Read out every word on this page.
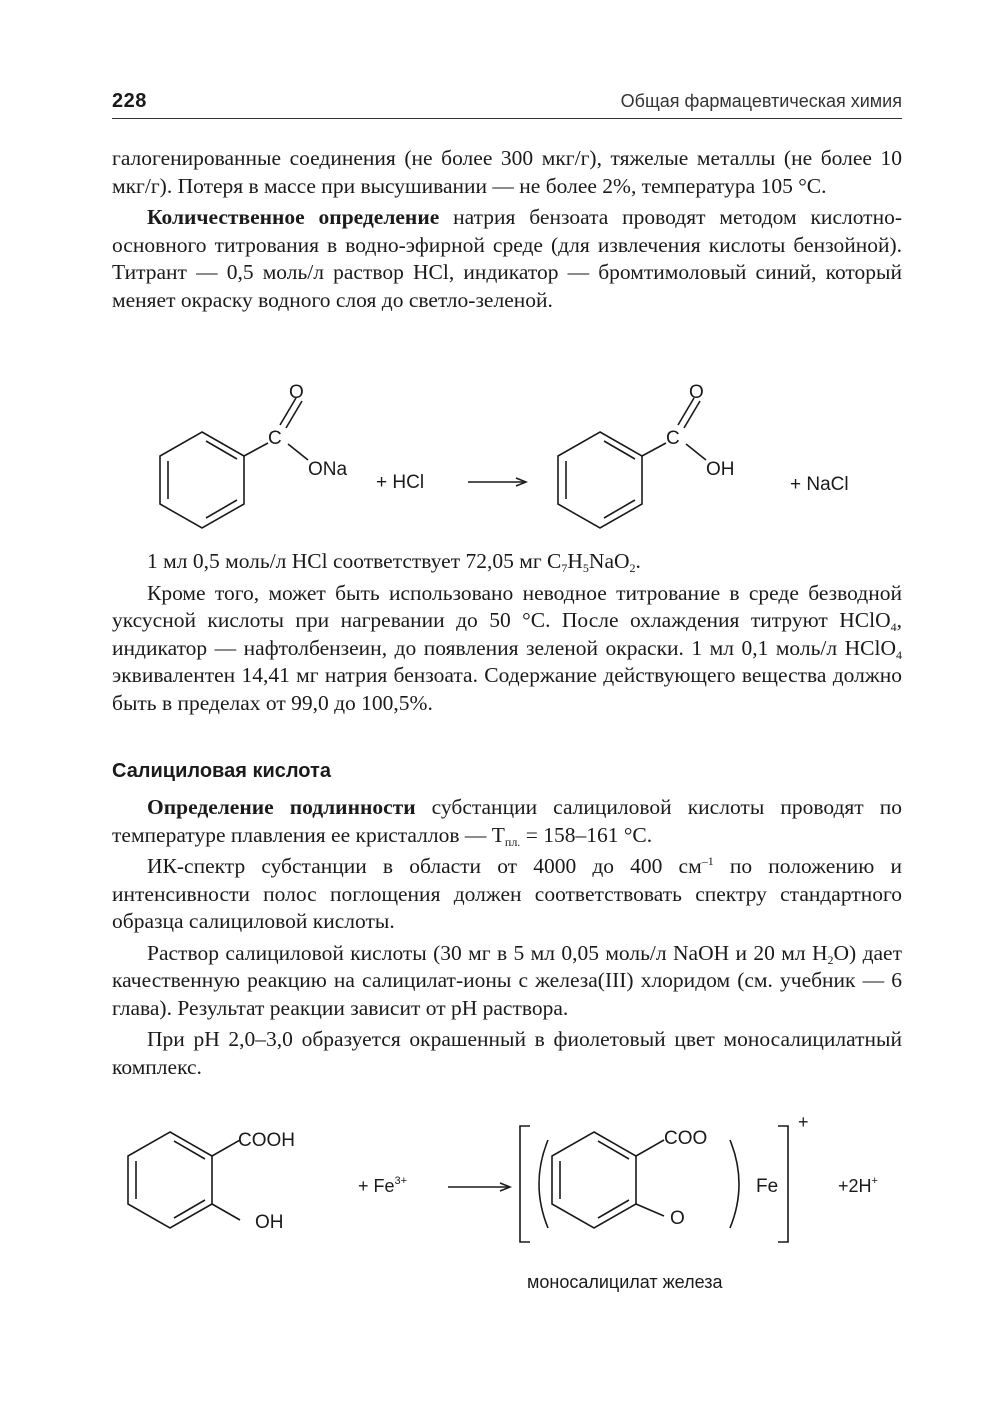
228	Общая фармацевтическая химия

галогенированные соединения (не более 300 мкг/г), тяжелые металлы (не более 10 мкг/г). Потеря в массе при высушивании — не более 2%, температура 105 °С.

Количественное определение натрия бензоата проводят методом кислотно-основного титрования в водно-эфирной среде (для извлечения кислоты бензойной). Титрант — 0,5 моль/л раствор HCl, индикатор — бромтимоловый синий, который меняет окраску водного слоя до светло-зеленой.

O
C
ONa
+ HCl
O
C
OH
+ NaCl

1 мл 0,5 моль/л HCl соответствует 72,05 мг $C_7H_5NaO_2$.

Кроме того, может быть использовано неводное титрование в среде безводной уксусной кислоты при нагревании до 50 °С. После охлаждения титруют HClO$_4$, индикатор — нафтолбензеин, до появления зеленой окраски. 1 мл 0,1 моль/л HClO$_4$ эквивалентен 14,41 мг натрия бензоата. Содержание действующего вещества должно быть в пределах от 99,0 до 100,5%.

Салициловая кислота

Определение подлинности субстанции салициловой кислоты проводят по температуре плавления ее кристаллов — $Т_{пл.} = 158-161$ °С.

ИК-спектр субстанции в области от 4000 до 400 $см^{-1}$ по положению и интенсивности полос поглощения должен соответствовать спектру стандартного образца салициловой кислоты.

Раствор салициловой кислоты (30 мг в 5 мл 0,05 моль/л NaOH и 20 мл $H_2O$) дает качественную реакцию на салицилат-ионы с железа(III) хлоридом (см. учебник — 6 глава). Результат реакции зависит от pH раствора.

При pH 2,0–3,0 образуется окрашенный в фиолетовый цвет моносалицилатный комплекс.

COOH
OH
+ $Fe^{3+}$
COO
O
Fe
+
+2H+
моносалицилат железа
